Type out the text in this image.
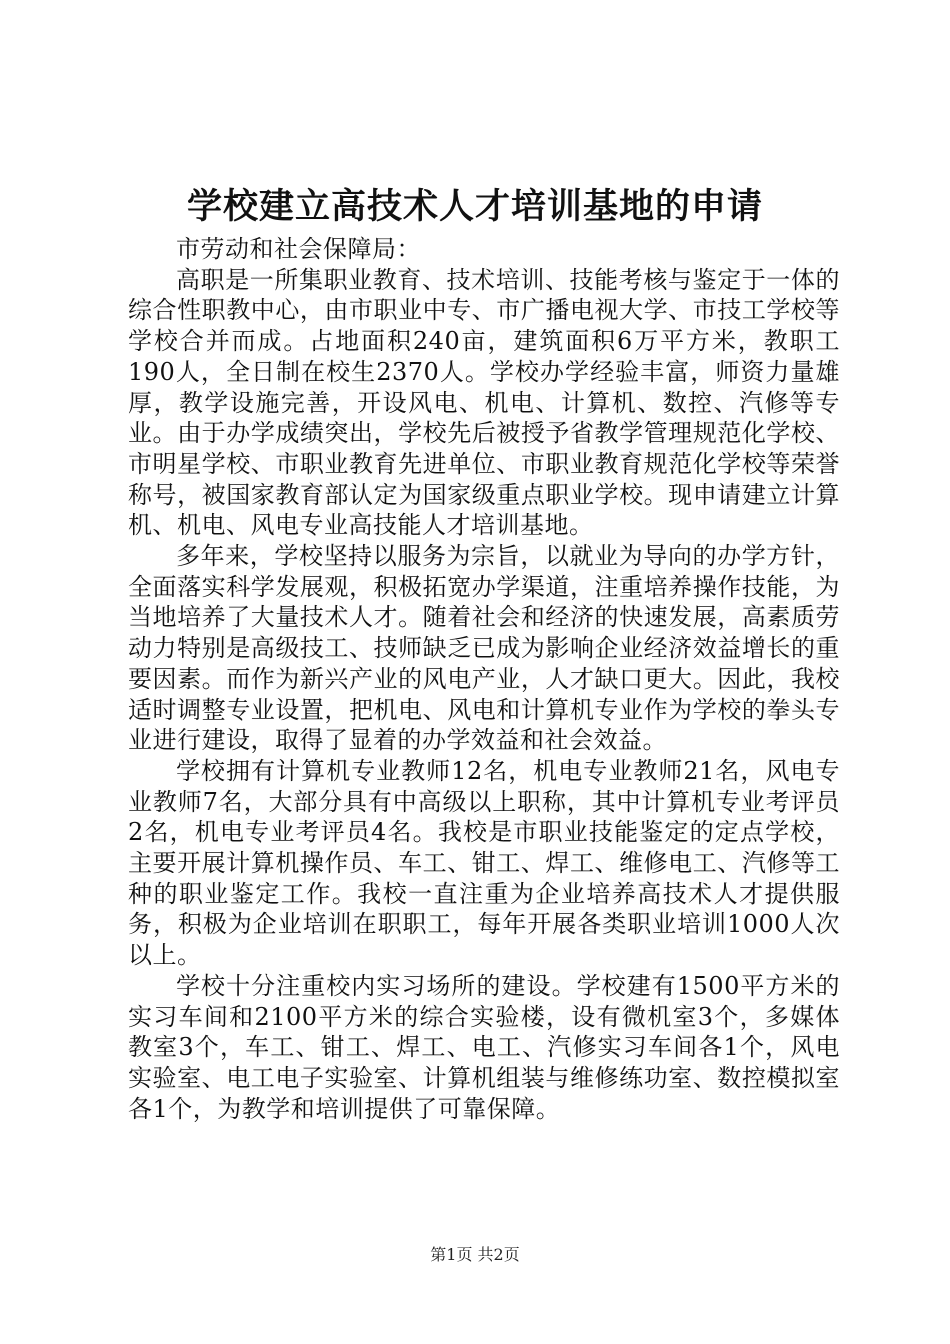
学校建立高技术人才培训基地的申请

市劳动和社会保障局：

高职是一所集职业教育、技术培训、技能考核与鉴定于一体的综合性职教中心，由市职业中专、市广播电视大学、市技工学校等学校合并而成。占地面积240亩，建筑面积6万平方米，教职工190人，全日制在校生2370人。学校办学经验丰富，师资力量雄厚，教学设施完善，开设风电、机电、计算机、数控、汽修等专业。由于办学成绩突出，学校先后被授予省教学管理规范化学校、市明星学校、市职业教育先进单位、市职业教育规范化学校等荣誉称号，被国家教育部认定为国家级重点职业学校。现申请建立计算机、机电、风电专业高技能人才培训基地。

多年来，学校坚持以服务为宗旨，以就业为导向的办学方针，全面落实科学发展观，积极拓宽办学渠道，注重培养操作技能，为当地培养了大量技术人才。随着社会和经济的快速发展，高素质劳动力特别是高级技工、技师缺乏已成为影响企业经济效益增长的重要因素。而作为新兴产业的风电产业，人才缺口更大。因此，我校适时调整专业设置，把机电、风电和计算机专业作为学校的拳头专业进行建设，取得了显着的办学效益和社会效益。

学校拥有计算机专业教师12名，机电专业教师21名，风电专业教师7名，大部分具有中高级以上职称，其中计算机专业考评员2名，机电专业考评员4名。我校是市职业技能鉴定的定点学校，主要开展计算机操作员、车工、钳工、焊工、维修电工、汽修等工种的职业鉴定工作。我校一直注重为企业培养高技术人才提供服务，积极为企业培训在职职工，每年开展各类职业培训1000人次以上。

学校十分注重校内实习场所的建设。学校建有1500平方米的实习车间和2100平方米的综合实验楼，设有微机室3个，多媒体教室3个，车工、钳工、焊工、电工、汽修实习车间各1个，风电实验室、电工电子实验室、计算机组装与维修练功室、数控模拟室各1个，为教学和培训提供了可靠保障。

第1页 共2页
